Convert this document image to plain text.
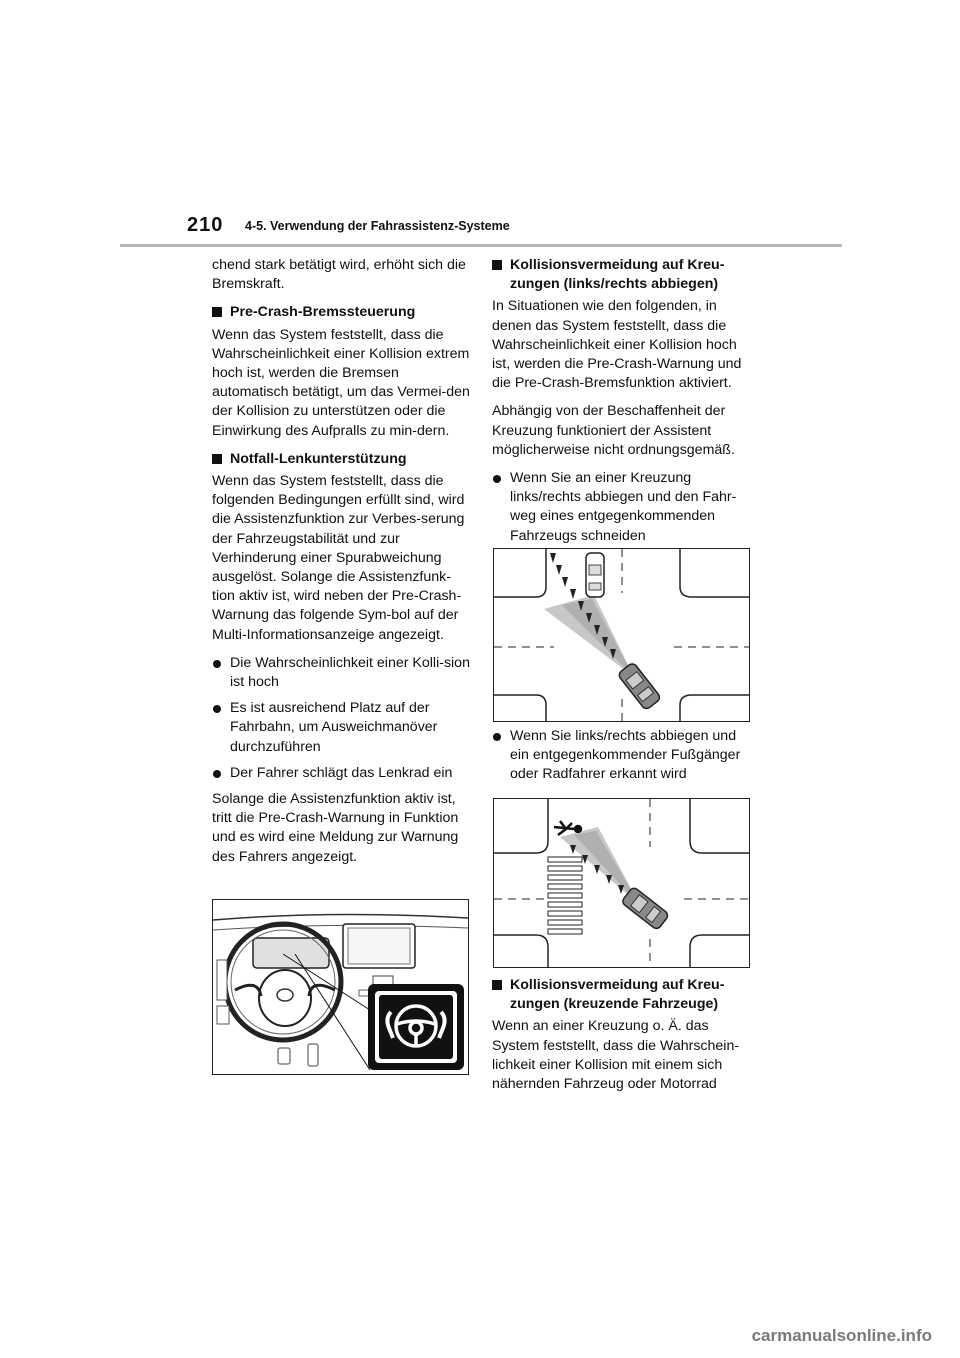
210 4-5. Verwendung der Fahrassistenz-Systeme

chend stark betätigt wird, erhöht sich die Bremskraft.

Pre-Crash-Bremssteuerung

Wenn das System feststellt, dass die Wahrscheinlichkeit einer Kollision extrem hoch ist, werden die Bremsen automatisch betätigt, um das Vermei-den der Kollision zu unterstützen oder die Einwirkung des Aufpralls zu min-dern.

Notfall-Lenkunterstützung

Wenn das System feststellt, dass die folgenden Bedingungen erfüllt sind, wird die Assistenzfunktion zur Verbes-serung der Fahrzeugstabilität und zur Verhinderung einer Spurabweichung ausgelöst. Solange die Assistenzfunk-tion aktiv ist, wird neben der Pre-Crash-Warnung das folgende Sym-bol auf der Multi-Informationsanzeige angezeigt.

Die Wahrscheinlichkeit einer Kolli-sion ist hoch

Es ist ausreichend Platz auf der Fahrbahn, um Ausweichmanöver durchzuführen

Der Fahrer schlägt das Lenkrad ein

Solange die Assistenzfunktion aktiv ist, tritt die Pre-Crash-Warnung in Funktion und es wird eine Meldung zur Warnung des Fahrers angezeigt.

Kollisionsvermeidung auf Kreu-zungen (links/rechts abbiegen)

In Situationen wie den folgenden, in denen das System feststellt, dass die Wahrscheinlichkeit einer Kollision hoch ist, werden die Pre-Crash-Warnung und die Pre-Crash-Bremsfunktion aktiviert.

Abhängig von der Beschaffenheit der Kreuzung funktioniert der Assistent möglicherweise nicht ordnungsgemäß.

Wenn Sie an einer Kreuzung links/rechts abbiegen und den Fahr-weg eines entgegenkommenden Fahrzeugs schneiden

Wenn Sie links/rechts abbiegen und ein entgegenkommender Fußgänger oder Radfahrer erkannt wird

Kollisionsvermeidung auf Kreu-zungen (kreuzende Fahrzeuge)

Wenn an einer Kreuzung o. Ä. das System feststellt, dass die Wahrschein-lichkeit einer Kollision mit einem sich nähernden Fahrzeug oder Motorrad

carmanualsonline.info
